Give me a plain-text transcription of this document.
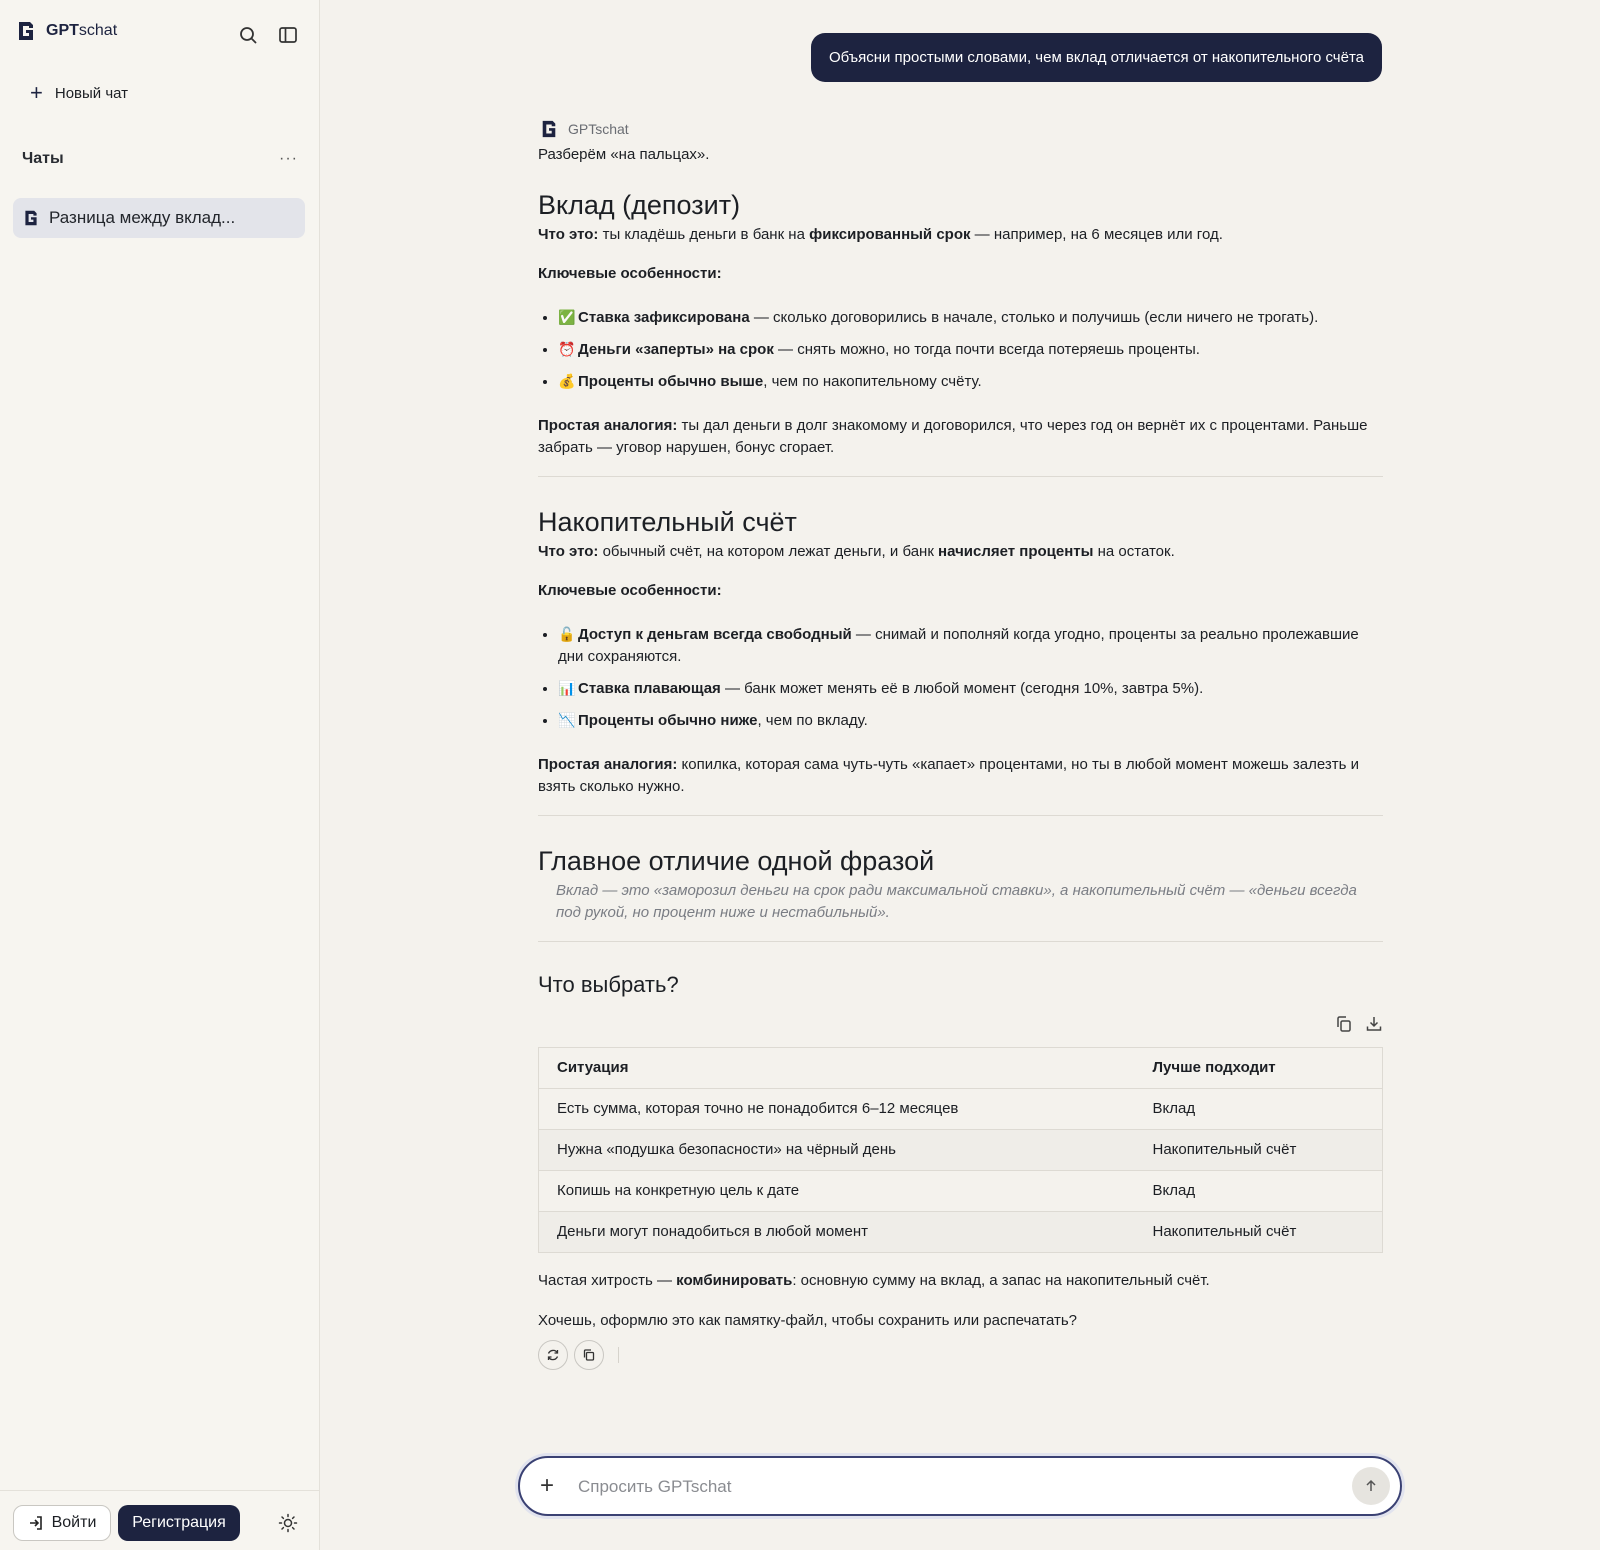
GPTschat
+ Новый чат
Чаты	···
Разница между вклад...
Войти	Регистрация
Объясни простыми словами, чем вклад отличается от накопительного счёта
GPTschat

Разберём «на пальцах».

Вклад (депозит)

Что это: ты кладёшь деньги в банк на фиксированный срок — например, на 6 месяцев или год.

Ключевые особенности:

• ✅ Ставка зафиксирована — сколько договорились в начале, столько и получишь (если ничего не трогать).
• ⏰ Деньги «заперты» на срок — снять можно, но тогда почти всегда потеряешь проценты.
• 💰 Проценты обычно выше, чем по накопительному счёту.

Простая аналогия: ты дал деньги в долг знакомому и договорился, что через год он вернёт их с процентами. Раньше забрать — уговор нарушен, бонус сгорает.

Накопительный счёт

Что это: обычный счёт, на котором лежат деньги, и банк начисляет проценты на остаток.

Ключевые особенности:

• 🔓 Доступ к деньгам всегда свободный — снимай и пополняй когда угодно, проценты за реально пролежавшие дни сохраняются.
• 📊 Ставка плавающая — банк может менять её в любой момент (сегодня 10%, завтра 5%).
• 📉 Проценты обычно ниже, чем по вкладу.

Простая аналогия: копилка, которая сама чуть-чуть «капает» процентами, но ты в любой момент можешь залезть и взять сколько нужно.

Главное отличие одной фразой

Вклад — это «заморозил деньги на срок ради максимальной ставки», а накопительный счёт — «деньги всегда под рукой, но процент ниже и нестабильный».

Что выбрать?
Ситуация	Лучше подходит
Есть сумма, которая точно не понадобится 6–12 месяцев	Вклад
Нужна «подушка безопасности» на чёрный день	Накопительный счёт
Копишь на конкретную цель к дате	Вклад
Деньги могут понадобиться в любой момент	Накопительный счёт

Частая хитрость — комбинировать: основную сумму на вклад, а запас на накопительный счёт.

Хочешь, оформлю это как памятку-файл, чтобы сохранить или распечатать?

+
Спросить GPTschat
